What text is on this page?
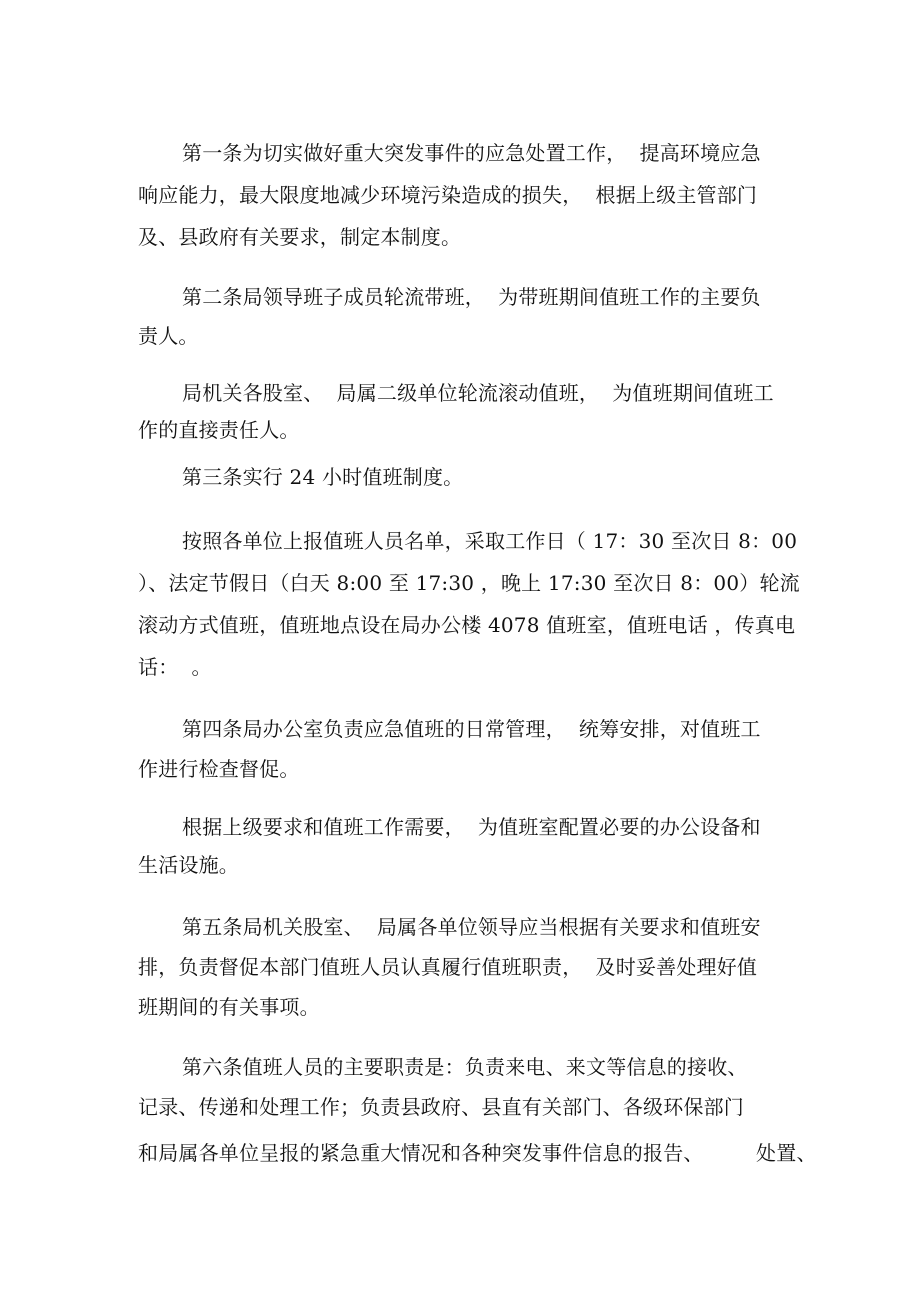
第一条为切实做好重大突发事件的应急处置工作，  提高环境应急
响应能力，最大限度地减少环境污染造成的损失，  根据上级主管部门
及、县政府有关要求，制定本制度。
第二条局领导班子成员轮流带班，  为带班期间值班工作的主要负
责人。
局机关各股室、  局属二级单位轮流滚动值班，  为值班期间值班工
作的直接责任人。
第三条实行 24 小时值班制度。
按照各单位上报值班人员名单，采取工作日（ 17：30 至次日 8：00
）、法定节假日（白天 8:00 至 17:30 ，晚上 17:30 至次日 8：00）轮流
滚动方式值班，值班地点设在局办公楼 4078 值班室，值班电话 ，传真电
话：  。
第四条局办公室负责应急值班的日常管理，  统筹安排，对值班工
作进行检查督促。
根据上级要求和值班工作需要，  为值班室配置必要的办公设备和
生活设施。
第五条局机关股室、  局属各单位领导应当根据有关要求和值班安
排，负责督促本部门值班人员认真履行值班职责，  及时妥善处理好值
班期间的有关事项。
第六条值班人员的主要职责是：负责来电、来文等信息的接收、
记录、传递和处理工作；负责县政府、县直有关部门、各级环保部门
和局属各单位呈报的紧急重大情况和各种突发事件信息的报告、        处置、
